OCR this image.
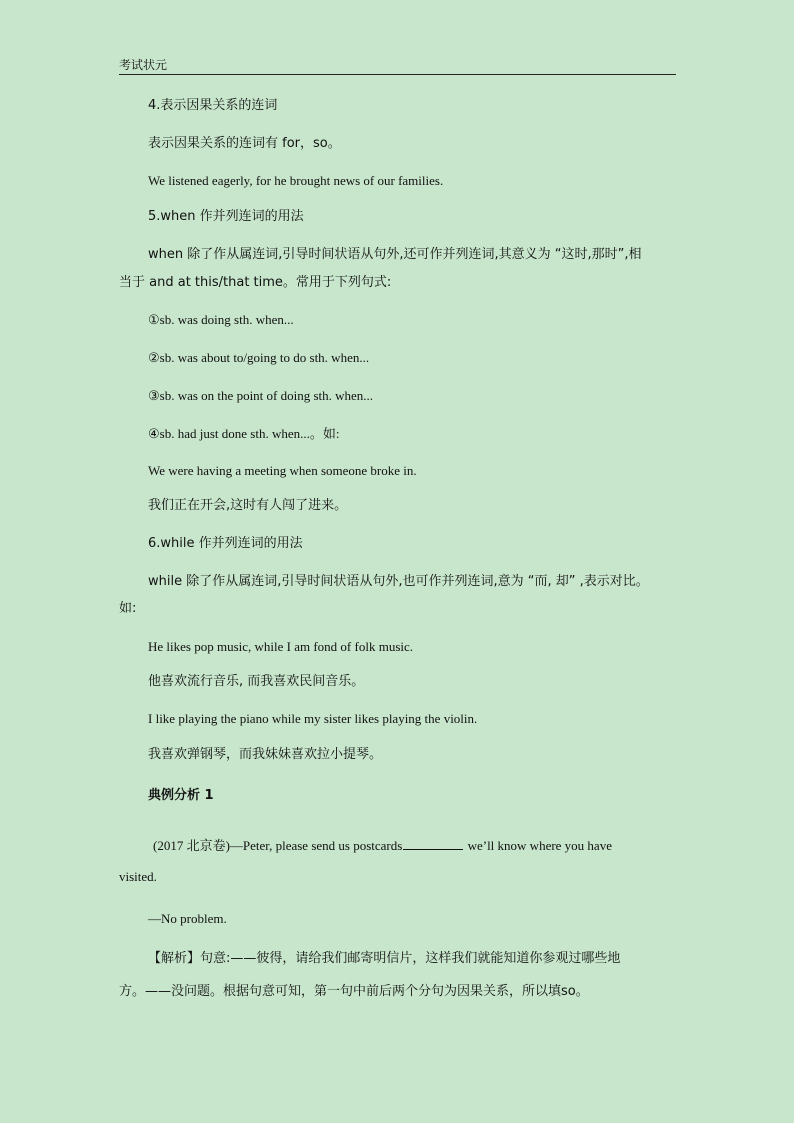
考试状元
4.表示因果关系的连词
表示因果关系的连词有 for，so。
We listened eagerly, for he brought news of our families.
5.when 作并列连词的用法
when 除了作从属连词,引导时间状语从句外,还可作并列连词,其意义为 “这时,那时”,相
当于 and at this/that time。常用于下列句式:
①sb. was doing sth. when...
②sb. was about to/going to do sth. when...
③sb. was on the point of doing sth. when...
④sb. had just done sth. when...。如:
We were having a meeting when someone broke in.
我们正在开会,这时有人闯了进来。
6.while 作并列连词的用法
while 除了作从属连词,引导时间状语从句外,也可作并列连词,意为 “而, 却” ,表示对比。
如:
He likes pop music, while I am fond of folk music.
他喜欢流行音乐, 而我喜欢民间音乐。
I like playing the piano while my sister likes playing the violin.
我喜欢弹钢琴，而我妹妹喜欢拉小提琴。
典例分析 1
(2017 北京卷)—Peter, please send us postcards	we’ll know where you have
visited.
—No problem.
【解析】句意:——彼得，请给我们邮寄明信片，这样我们就能知道你参观过哪些地
方。——没问题。根据句意可知，第一句中前后两个分句为因果关系，所以填so。
